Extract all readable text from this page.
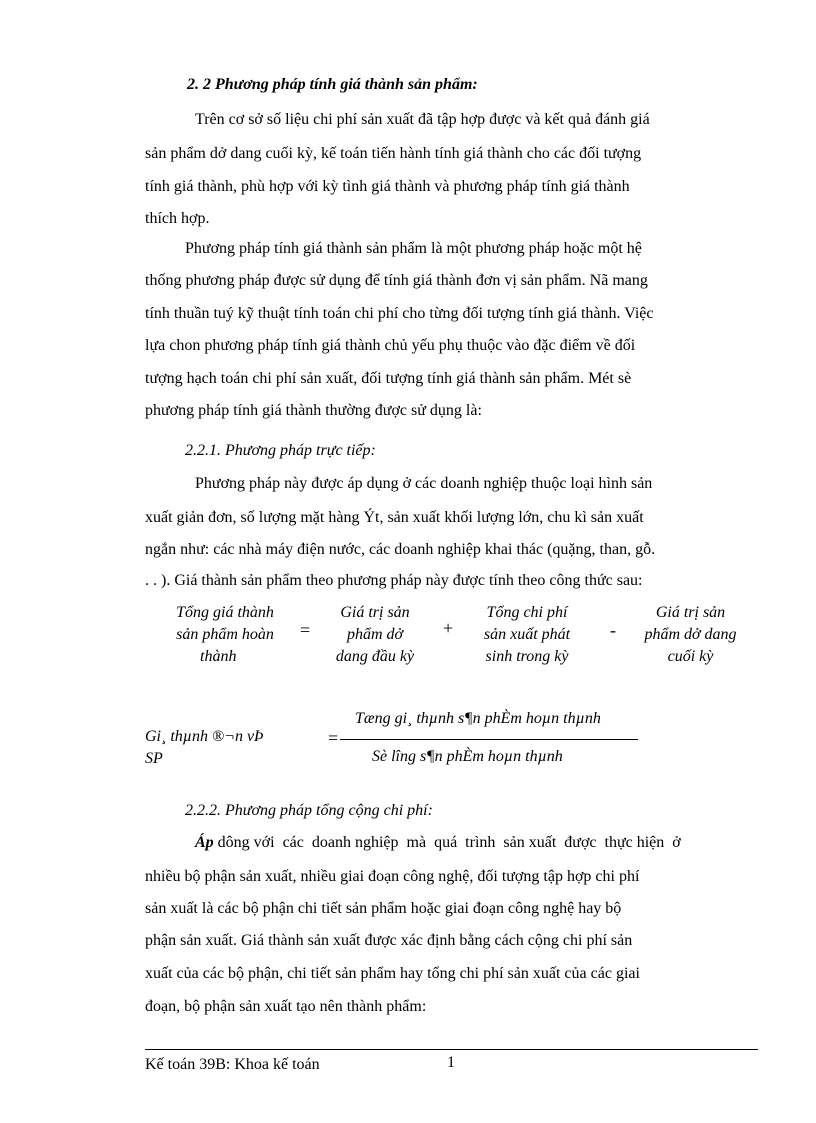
2. 2 Phương pháp tính giá thành sản phẩm:
Trên cơ sở số liệu chi phí sản xuất đã tập hợp được và kết quả đánh giá
sản phẩm dở dang cuối kỳ, kế toán tiến hành tính giá thành cho các đối tượng
tính giá thành, phù hợp với kỳ tình giá thành và phương pháp tính giá thành
thích hợp.
Phương pháp tính giá thành sản phẩm là một phương pháp hoặc một hệ
thống phương pháp được sử dụng để tính giá thành đơn vị sản phẩm. Nã mang
tính thuần tuý kỹ thuật tính toán chi phí cho từng đối tượng tính giá thành. Việc
lựa chon phương pháp tính giá thành chủ yếu phụ thuộc vào đặc điểm về đối
tượng hạch toán chi phí sản xuất, đối tượng tính giá thành sản phẩm. Mét sè
phương pháp tính giá thành thường được sử dụng là:
2.2.1. Phương pháp trực tiếp:
Phương pháp này được áp dụng ở các doanh nghiệp thuộc loại hình sản
xuất giản đơn, số lượng mặt hàng Ýt, sản xuất khối lượng lớn, chu kì sản xuất
ngắn như: các nhà máy điện nước, các doanh nghiệp khai thác (quặng, than, gỗ.
. . ). Giá thành sản phẩm theo phương pháp này được tính theo công thức sau:
Tổng giá thành
sản phẩm hoàn
thành
=
Giá trị sản
phẩm dở
dang đầu kỳ
+
Tổng chi phí
sản xuất phát
sinh trong kỳ
-
Giá trị sản
phẩm dở dang
cuối kỳ
Gi¸ thµnh ®¬n vÞ
SP
=
Tæng gi¸ thµnh s¶n phÈm hoµn thµnh
Sè lîng s¶n phÈm hoµn thµnh
2.2.2. Phương pháp tổng cộng chi phí:
Áp dông với  các  doanh nghiệp  mà  quá  trình  sản xuất  được  thực hiện  ở
nhiều bộ phận sản xuất, nhiều giai đoạn công nghệ, đối tượng tập hợp chi phí
sản xuất là các bộ phận chi tiết sản phẩm hoặc giai đoạn công nghệ hay bộ
phận sản xuất. Giá thành sản xuất được xác định bằng cách cộng chi phí sản
xuất của các bộ phận, chi tiết sản phẩm hay tổng chi phí sản xuất của các giai
đoạn, bộ phận sản xuất tạo nên thành phẩm:
Kế toán 39B: Khoa kế toán	1
